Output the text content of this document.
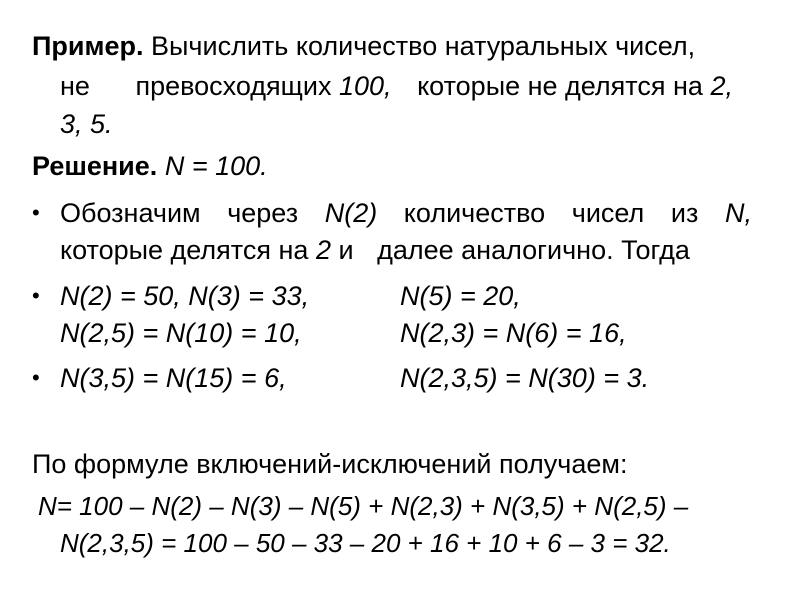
Пример. Вычислить количество натуральных чисел,
не превосходящих 100, которые не делятся на 2,
3, 5.
Решение. N = 100.
• Обозначим через N(2) количество чисел из N,
которые делятся на 2 и далее аналогично. Тогда
• N(2) = 50, N(3) = 33,	N(5) = 20,
N(2,5) = N(10) = 10,	N(2,3) = N(6) = 16,
• N(3,5) = N(15) = 6,	N(2,3,5) = N(30) = 3.
По формуле включений-исключений получаем:
N= 100 – N(2) – N(3) – N(5) + N(2,3) + N(3,5) + N(2,5) –
N(2,3,5) = 100 – 50 – 33 – 20 + 16 + 10 + 6 – 3 = 32.
